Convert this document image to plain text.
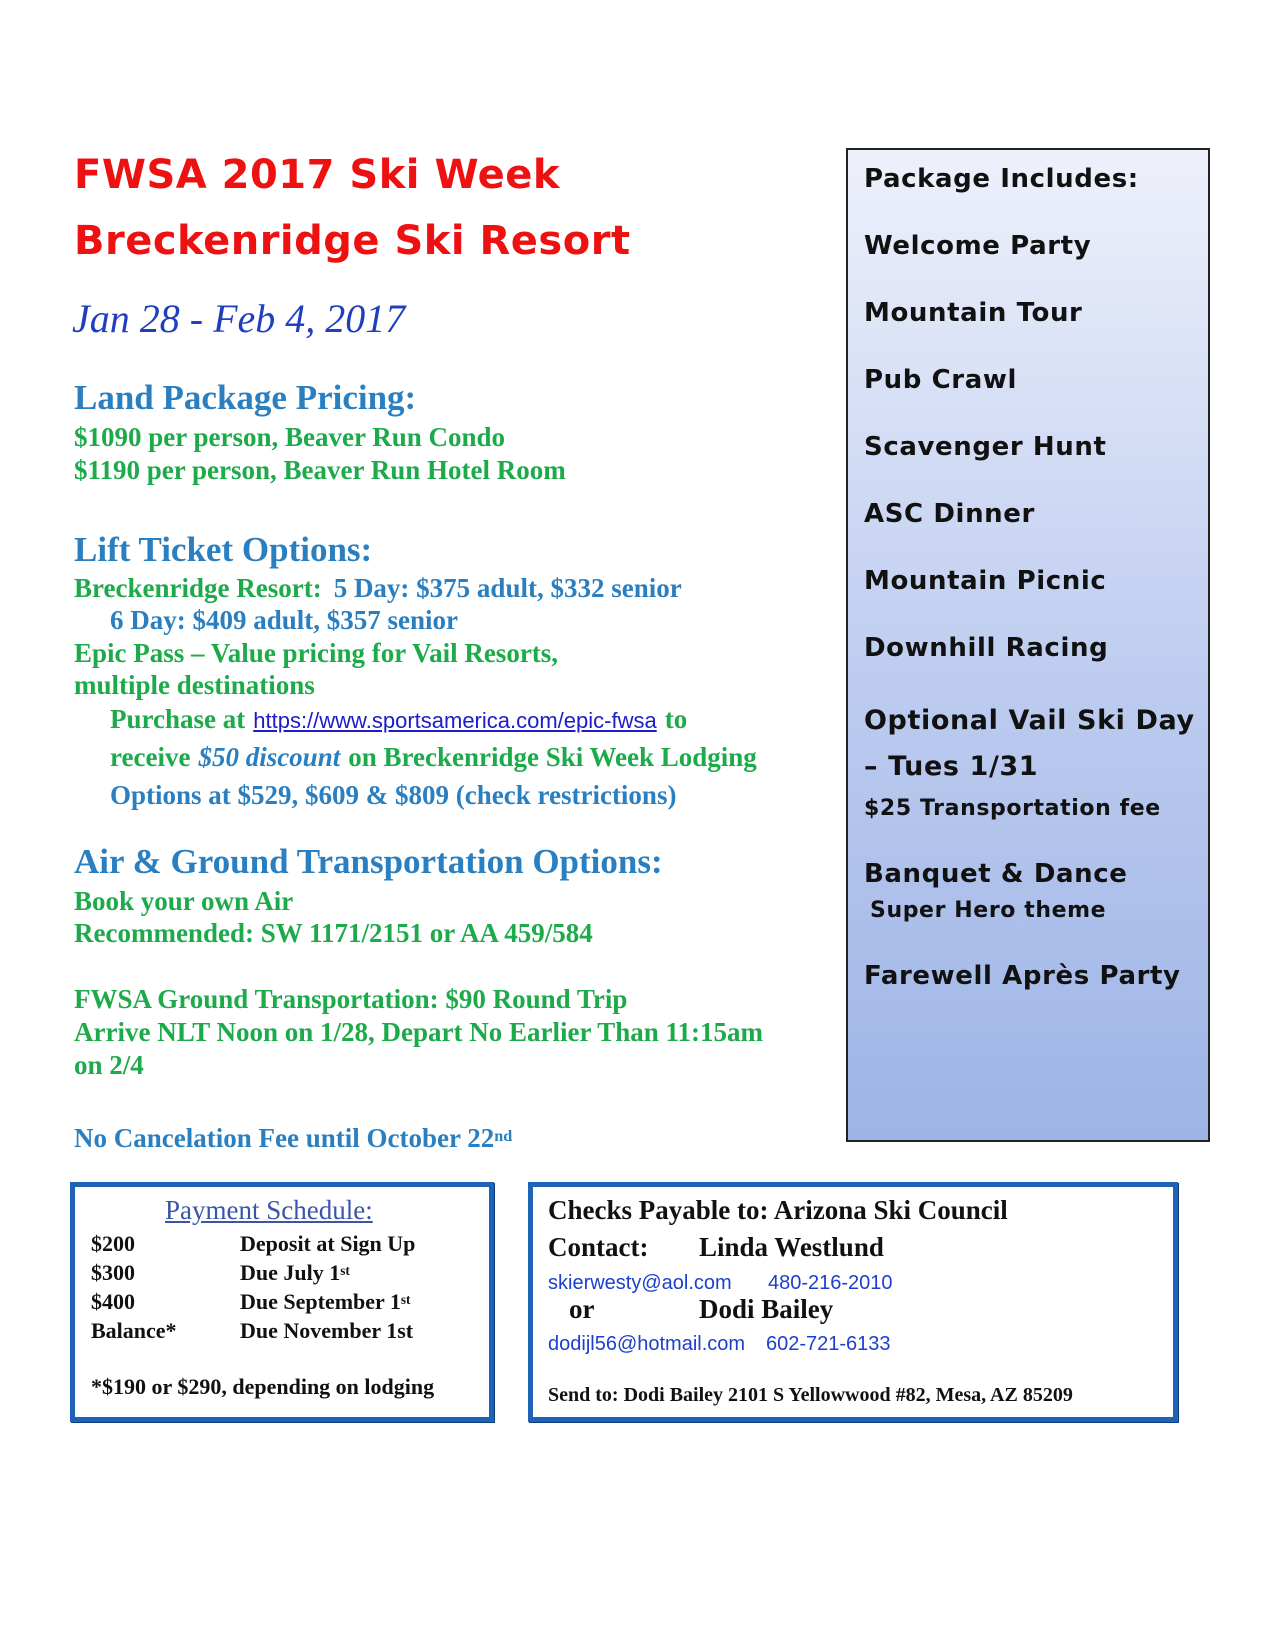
FWSA 2017 Ski Week
Breckenridge Ski Resort
Jan 28 - Feb 4, 2017
Land Package Pricing:
$1090 per person, Beaver Run Condo
$1190 per person, Beaver Run Hotel Room
Lift Ticket Options:
Breckenridge Resort: 5 Day: $375 adult, $332 senior
6 Day: $409 adult, $357 senior
Epic Pass – Value pricing for Vail Resorts,
multiple destinations
Purchase at https://www.sportsamerica.com/epic-fwsa to
receive $50 discount on Breckenridge Ski Week Lodging
Options at $529, $609 & $809 (check restrictions)
Air & Ground Transportation Options:
Book your own Air
Recommended: SW 1171/2151 or AA 459/584
FWSA Ground Transportation: $90 Round Trip
Arrive NLT Noon on 1/28, Depart No Earlier Than 11:15am
on 2/4
No Cancelation Fee until October 22nd
Package Includes:
Welcome Party
Mountain Tour
Pub Crawl
Scavenger Hunt
ASC Dinner
Mountain Picnic
Downhill Racing
Optional Vail Ski Day
– Tues 1/31
$25 Transportation fee
Banquet & Dance
Super Hero theme
Farewell Après Party
Payment Schedule:
$200	Deposit at Sign Up
$300	Due July 1st
$400	Due September 1st
Balance*	Due November 1st
*$190 or $290, depending on lodging
Checks Payable to: Arizona Ski Council
Contact: Linda Westlund
skierwesty@aol.com 480-216-2010
or	Dodi Bailey
dodijl56@hotmail.com 602-721-6133
Send to: Dodi Bailey 2101 S Yellowwood #82, Mesa, AZ 85209
